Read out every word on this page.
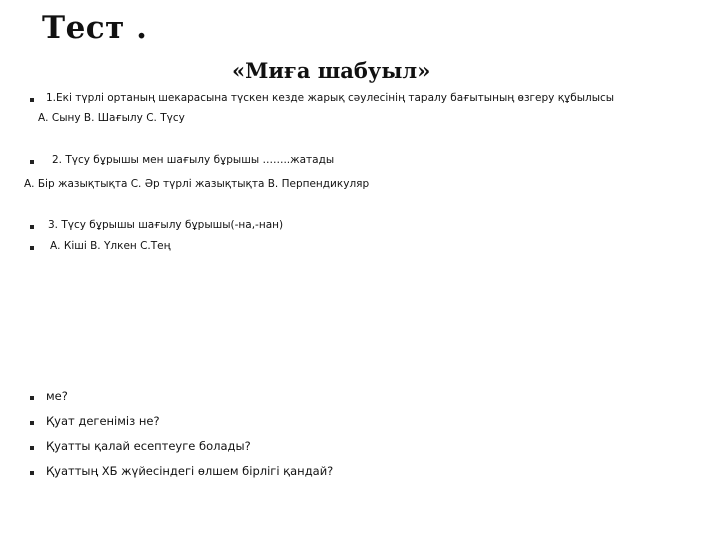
Тест .
«Миға шабуыл»
1.Екі түрлі ортаның шекарасына түскен кезде жарық сәулесінің таралу бағытының өзгеру құбылысы
А. Сыну В. Шағылу С. Түсу
2. Түсу бұрышы мен шағылу бұрышы ……..жатады
А. Бір жазықтықта С. Әр түрлі жазықтықта В. Перпендикуляр
3. Түсу бұрышы шағылу бұрышы(-на,-нан)
А. Кіші В. Үлкен С.Тең
ме?
Қуат дегеніміз не?
Қуатты қалай есептеуге болады?
Қуаттың ХБ жүйесіндегі өлшем бірлігі қандай?
